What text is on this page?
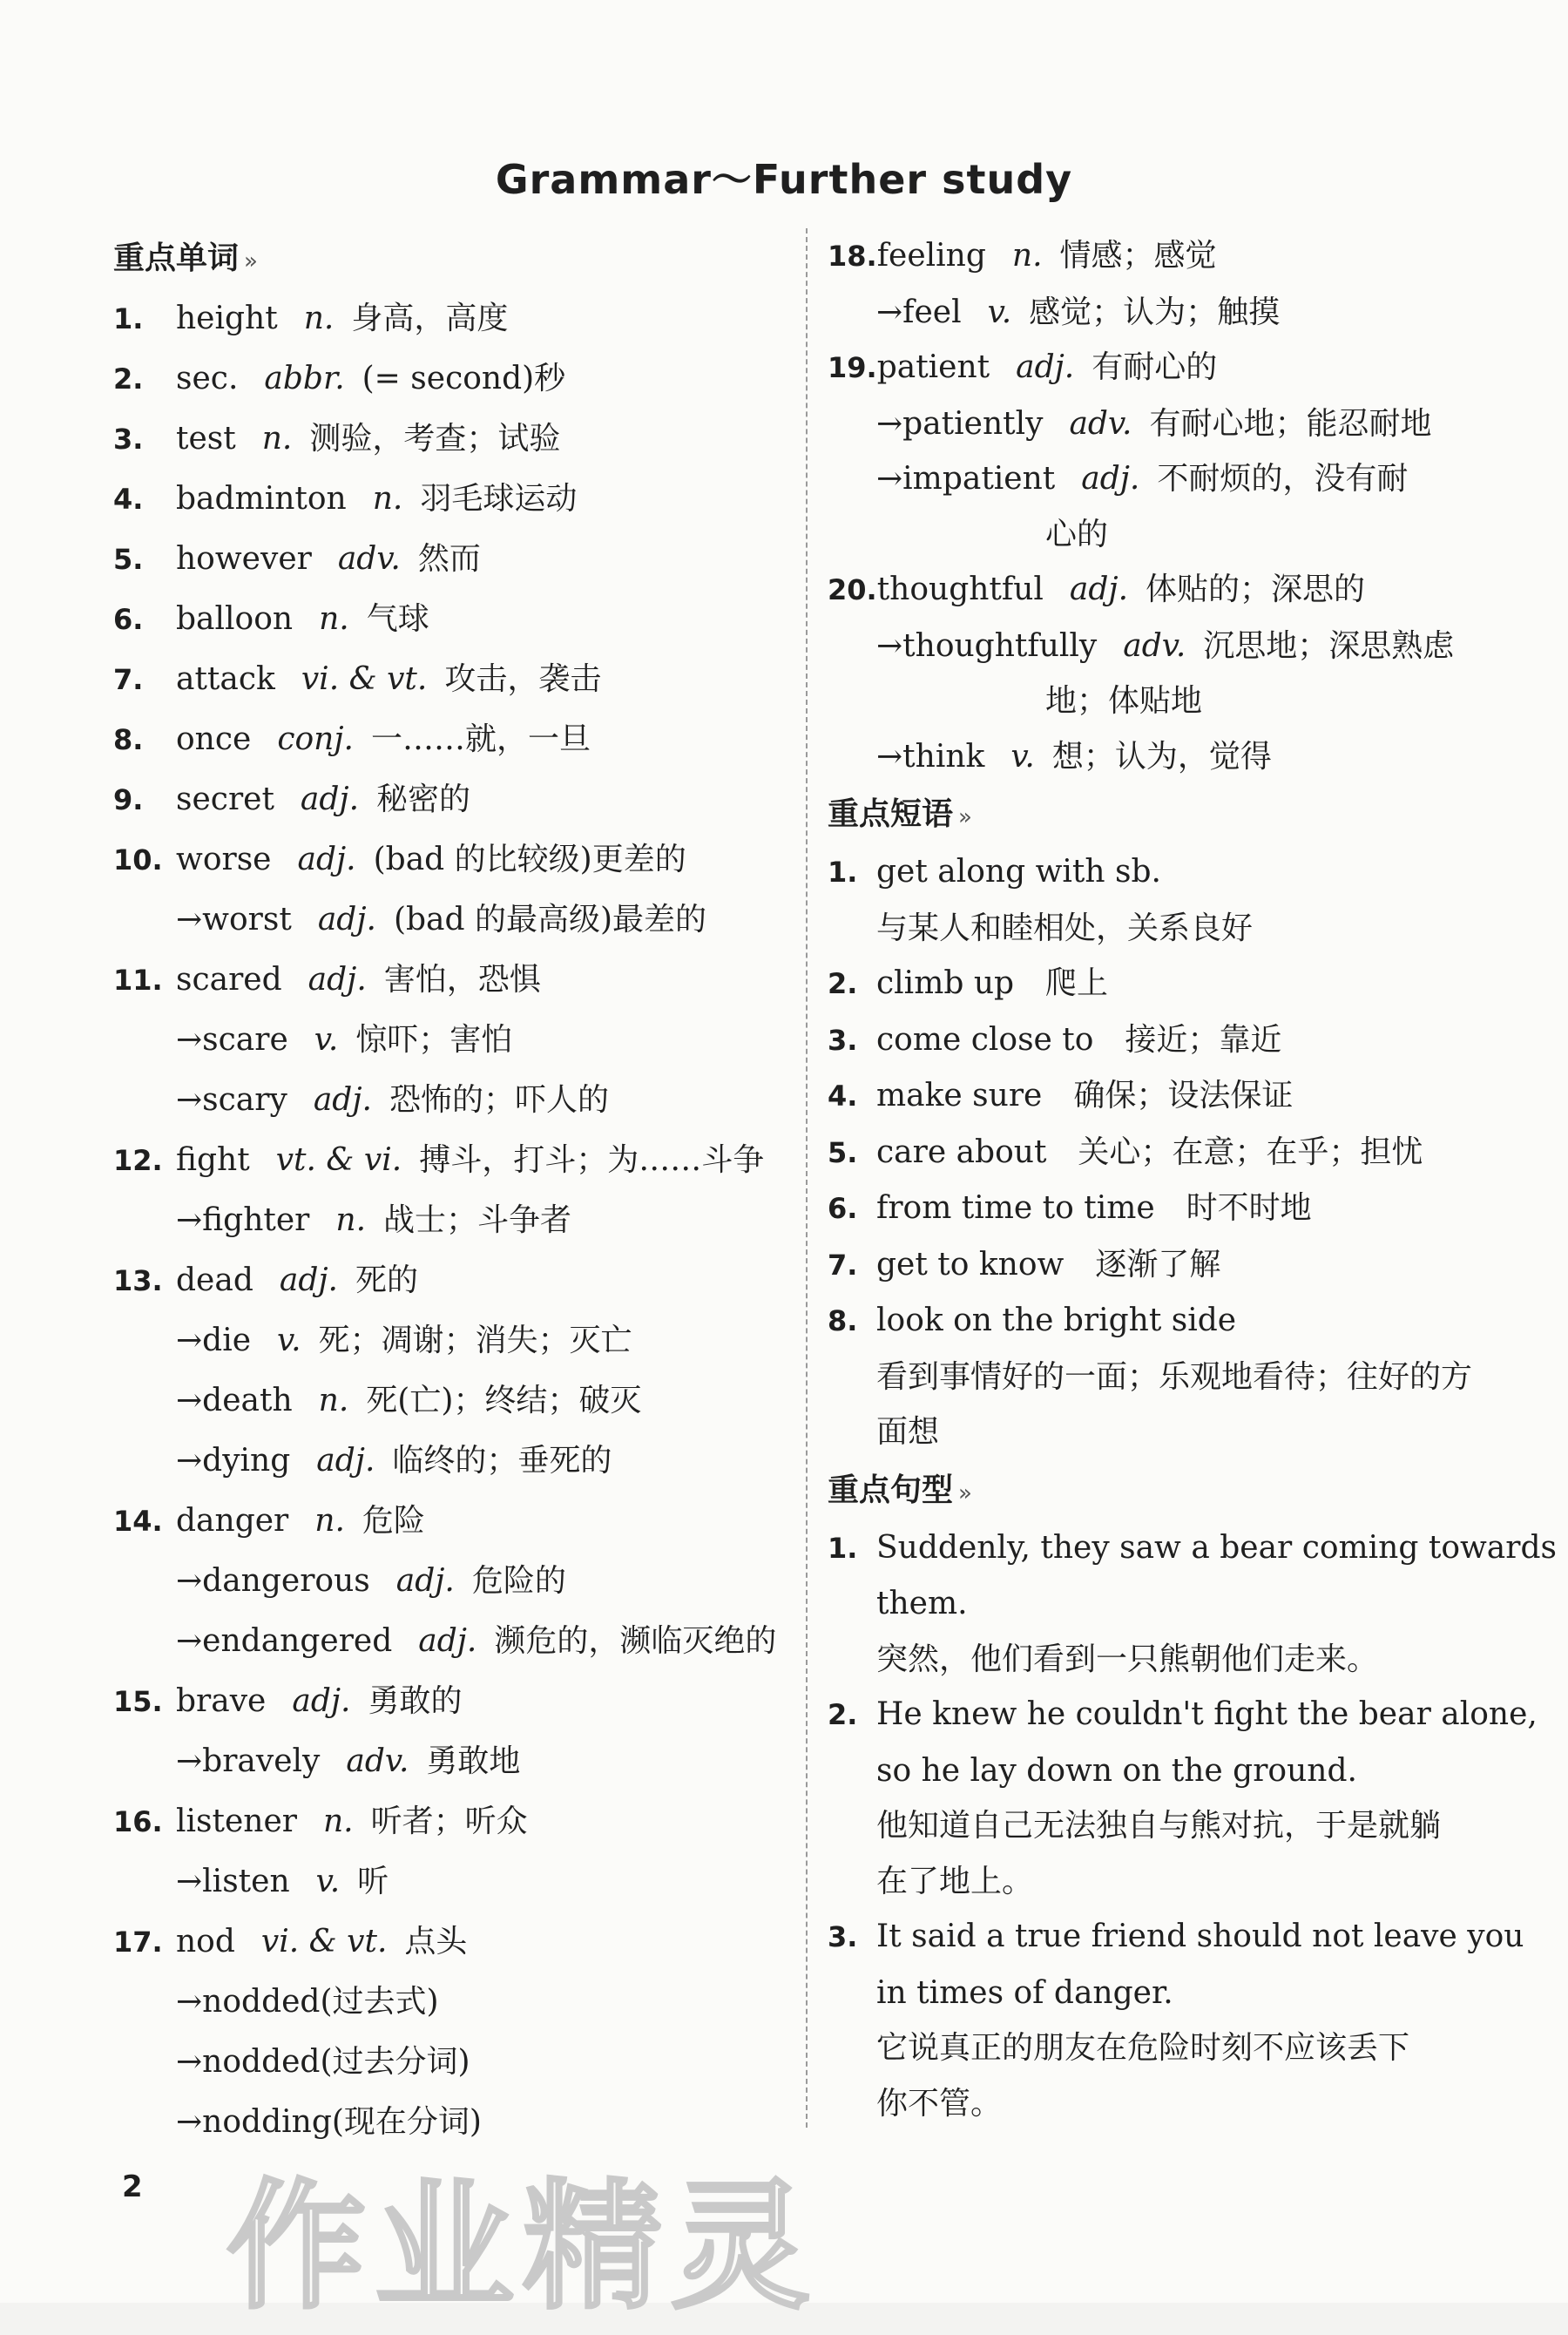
Grammar～Further study
重点单词 »
1. height n. 身高，高度
2. sec. abbr. (= second)秒
3. test n. 测验，考查；试验
4. badminton n. 羽毛球运动
5. however adv. 然而
6. balloon n. 气球
7. attack vi. & vt. 攻击，袭击
8. once conj. 一……就，一旦
9. secret adj. 秘密的
10. worse adj. (bad 的比较级)更差的
→worst adj. (bad 的最高级)最差的
11. scared adj. 害怕，恐惧
→scare v. 惊吓；害怕
→scary adj. 恐怖的；吓人的
12. fight vt. & vi. 搏斗，打斗；为……斗争
→fighter n. 战士；斗争者
13. dead adj. 死的
→die v. 死；凋谢；消失；灭亡
→death n. 死(亡)；终结；破灭
→dying adj. 临终的；垂死的
14. danger n. 危险
→dangerous adj. 危险的
→endangered adj. 濒危的，濒临灭绝的
15. brave adj. 勇敢的
→bravely adv. 勇敢地
16. listener n. 听者；听众
→listen v. 听
17. nod vi. & vt. 点头
→nodded(过去式)
→nodded(过去分词)
→nodding(现在分词)
18.feeling n. 情感；感觉
→feel v. 感觉；认为；触摸
19.patient adj. 有耐心的
→patiently adv. 有耐心地；能忍耐地
→impatient adj. 不耐烦的，没有耐
心的
20.thoughtful adj. 体贴的；深思的
→thoughtfully adv. 沉思地；深思熟虑
地；体贴地
→think v. 想；认为，觉得
重点短语 »
1. get along with sb.
与某人和睦相处，关系良好
2. climb up　爬上
3. come close to　接近；靠近
4. make sure　确保；设法保证
5. care about　关心；在意；在乎；担忧
6. from time to time　时不时地
7. get to know　逐渐了解
8. look on the bright side
看到事情好的一面；乐观地看待；往好的方
面想
重点句型 »
1. Suddenly, they saw a bear coming towards
them.
突然，他们看到一只熊朝他们走来。
2. He knew he couldn't fight the bear alone,
so he lay down on the ground.
他知道自己无法独自与熊对抗，于是就躺
在了地上。
3. It said a true friend should not leave you
in times of danger.
它说真正的朋友在危险时刻不应该丢下
你不管。
作业精灵
2
